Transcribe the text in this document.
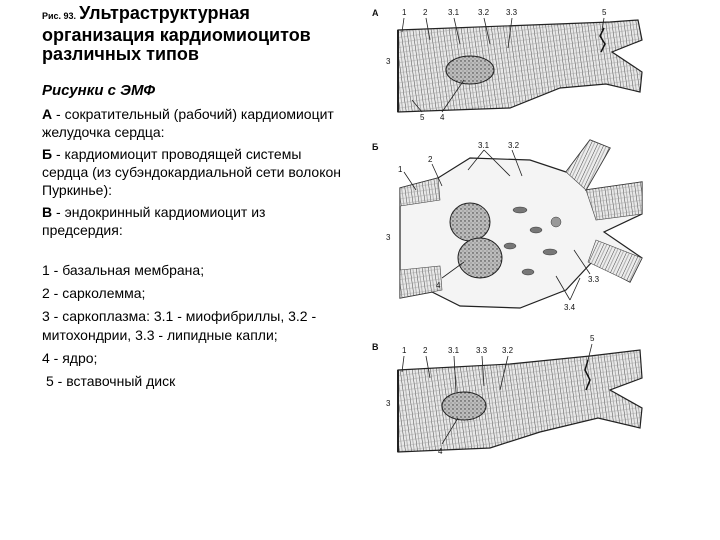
Рис. 93. Ультраструктурная организация кардиомиоцитов различных типов

Рисунки с ЭМФ

А - сократительный (рабочий) кардиомиоцит желудочка сердца:

Б - кардиомиоцит проводящей системы сердца (из субэндокардиальной сети волокон Пуркинье):

В - эндокринный кардиомиоцит из предсердия:

1 - базальная мембрана;

2 - сарколемма;

3 - саркоплазма: 3.1 - миофибриллы, 3.2 - митохондрии, 3.3 - липидные капли;

4 - ядро;

5 - вставочный диск

А	1 2	3.1 3.2 3.3	5
3
5 4
Б	3.1 3.2
1
2
3
4
3.3
3.4
В	1 2	3.1 3.3 3.2
5
3
4
